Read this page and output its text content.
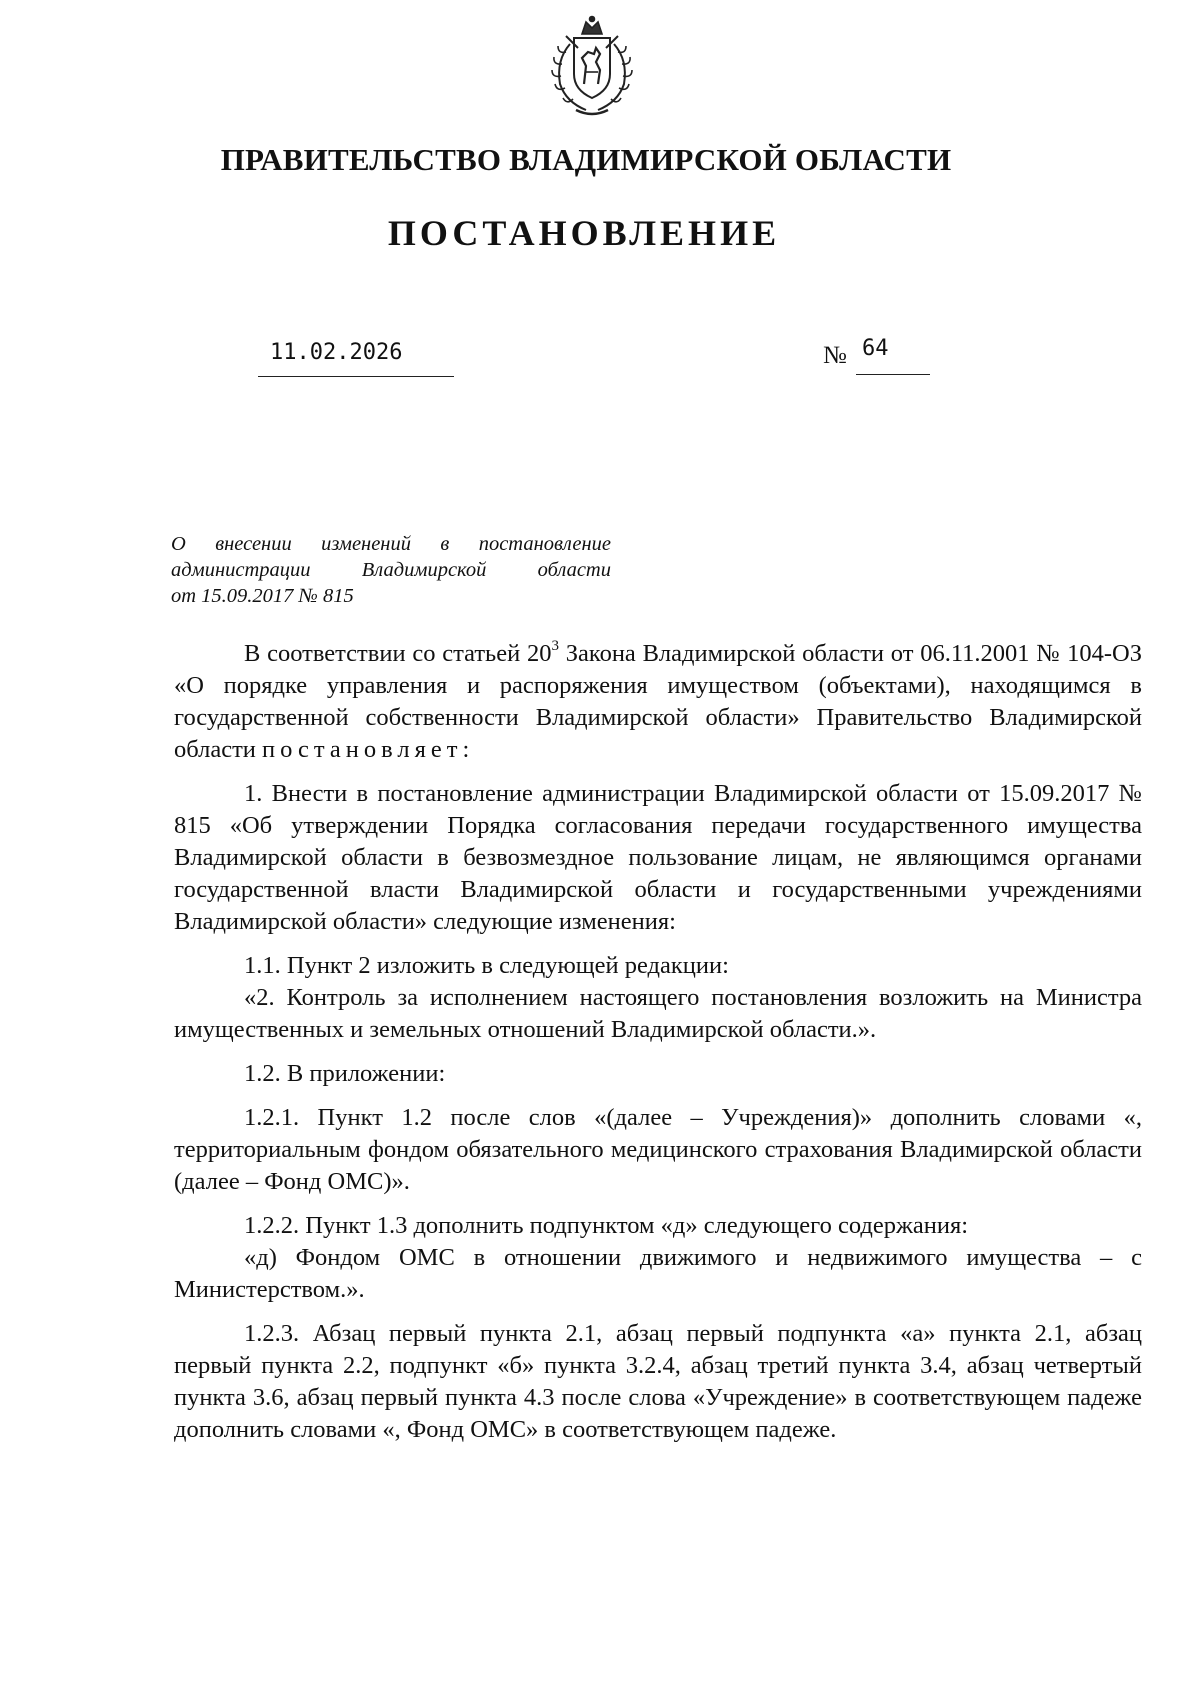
ПРАВИТЕЛЬСТВО ВЛАДИМИРСКОЙ ОБЛАСТИ
ПОСТАНОВЛЕНИЕ
11.02.2026	№ 64
О внесении изменений в постановление
администрации Владимирской области
от 15.09.2017 № 815

В соответствии со статьей $20^3$ Закона Владимирской области от 06.11.2001 № 104-ОЗ «О порядке управления и распоряжения имуществом (объектами), находящимся в государственной собственности Владимирской области» Правительство Владимирской области постановляет:

1. Внести в постановление администрации Владимирской области от 15.09.2017 № 815 «Об утверждении Порядка согласования передачи государственного имущества Владимирской области в безвозмездное пользование лицам, не являющимся органами государственной власти Владимирской области и государственными учреждениями Владимирской области» следующие изменения:

1.1. Пункт 2 изложить в следующей редакции:

«2. Контроль за исполнением настоящего постановления возложить на Министра имущественных и земельных отношений Владимирской области.».

1.2. В приложении:

1.2.1. Пункт 1.2 после слов «(далее – Учреждения)» дополнить словами «, территориальным фондом обязательного медицинского страхования Владимирской области (далее – Фонд ОМС)».

1.2.2. Пункт 1.3 дополнить подпунктом «д» следующего содержания:

«д) Фондом ОМС в отношении движимого и недвижимого имущества – с Министерством.».

1.2.3. Абзац первый пункта 2.1, абзац первый подпункта «а» пункта 2.1, абзац первый пункта 2.2, подпункт «б» пункта 3.2.4, абзац третий пункта 3.4, абзац четвертый пункта 3.6, абзац первый пункта 4.3 после слова «Учреждение» в соответствующем падеже дополнить словами «, Фонд ОМС» в соответствующем падеже.
